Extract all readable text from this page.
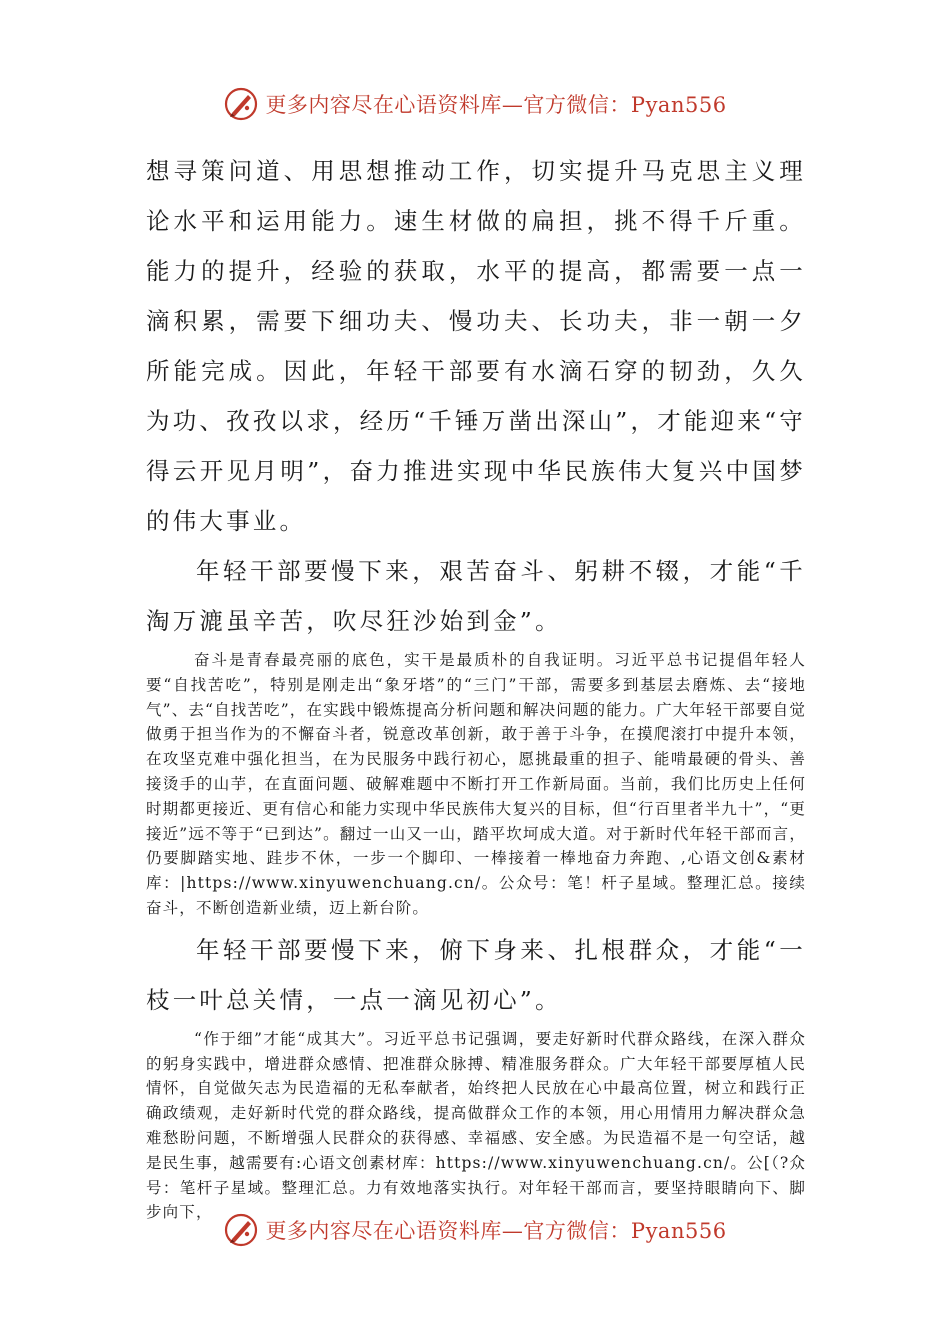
更多内容尽在心语资料库—官方微信：Pyan556

想寻策问道、用思想推动工作，切实提升马克思主义理论水平和运用能力。速生材做的扁担，挑不得千斤重。能力的提升，经验的获取，水平的提高，都需要一点一滴积累，需要下细功夫、慢功夫、长功夫，非一朝一夕所能完成。因此，年轻干部要有水滴石穿的韧劲，久久为功、孜孜以求，经历“千锤万凿出深山”，才能迎来“守得云开见月明”，奋力推进实现中华民族伟大复兴中国梦的伟大事业。

年轻干部要慢下来，艰苦奋斗、躬耕不辍，才能“千淘万漉虽辛苦，吹尽狂沙始到金”。

奋斗是青春最亮丽的底色，实干是最质朴的自我证明。习近平总书记提倡年轻人要“自找苦吃”，特别是刚走出“象牙塔”的“三门”干部，需要多到基层去磨炼、去“接地气”、去“自找苦吃”，在实践中锻炼提高分析问题和解决问题的能力。广大年轻干部要自觉做勇于担当作为的不懈奋斗者，锐意改革创新，敢于善于斗争，在摸爬滚打中提升本领，在攻坚克难中强化担当，在为民服务中践行初心，愿挑最重的担子、能啃最硬的骨头、善接烫手的山芋，在直面问题、破解难题中不断打开工作新局面。当前，我们比历史上任何时期都更接近、更有信心和能力实现中华民族伟大复兴的目标，但“行百里者半九十”，“更接近”远不等于“已到达”。翻过一山又一山，踏平坎坷成大道。对于新时代年轻干部而言，仍要脚踏实地、跬步不休，一步一个脚印、一棒接着一棒地奋力奔跑、,心语文创&素材库：|https://www.xinyuwenchuang.cn/。公众号：笔！杆子星域。整理汇总。接续奋斗，不断创造新业绩，迈上新台阶。

年轻干部要慢下来，俯下身来、扎根群众，才能“一枝一叶总关情，一点一滴见初心”。

“作于细”才能“成其大”。习近平总书记强调，要走好新时代群众路线，在深入群众的躬身实践中，增进群众感情、把准群众脉搏、精准服务群众。广大年轻干部要厚植人民情怀，自觉做矢志为民造福的无私奉献者，始终把人民放在心中最高位置，树立和践行正确政绩观，走好新时代党的群众路线，提高做群众工作的本领，用心用情用力解决群众急难愁盼问题，不断增强人民群众的获得感、幸福感、安全感。为民造福不是一句空话，越是民生事，越需要有:心语文创素材库：https://www.xinyuwenchuang.cn/。公[（?众号：笔杆子星域。整理汇总。力有效地落实执行。对年轻干部而言，要坚持眼睛向下、脚步向下，

更多内容尽在心语资料库—官方微信：Pyan556
